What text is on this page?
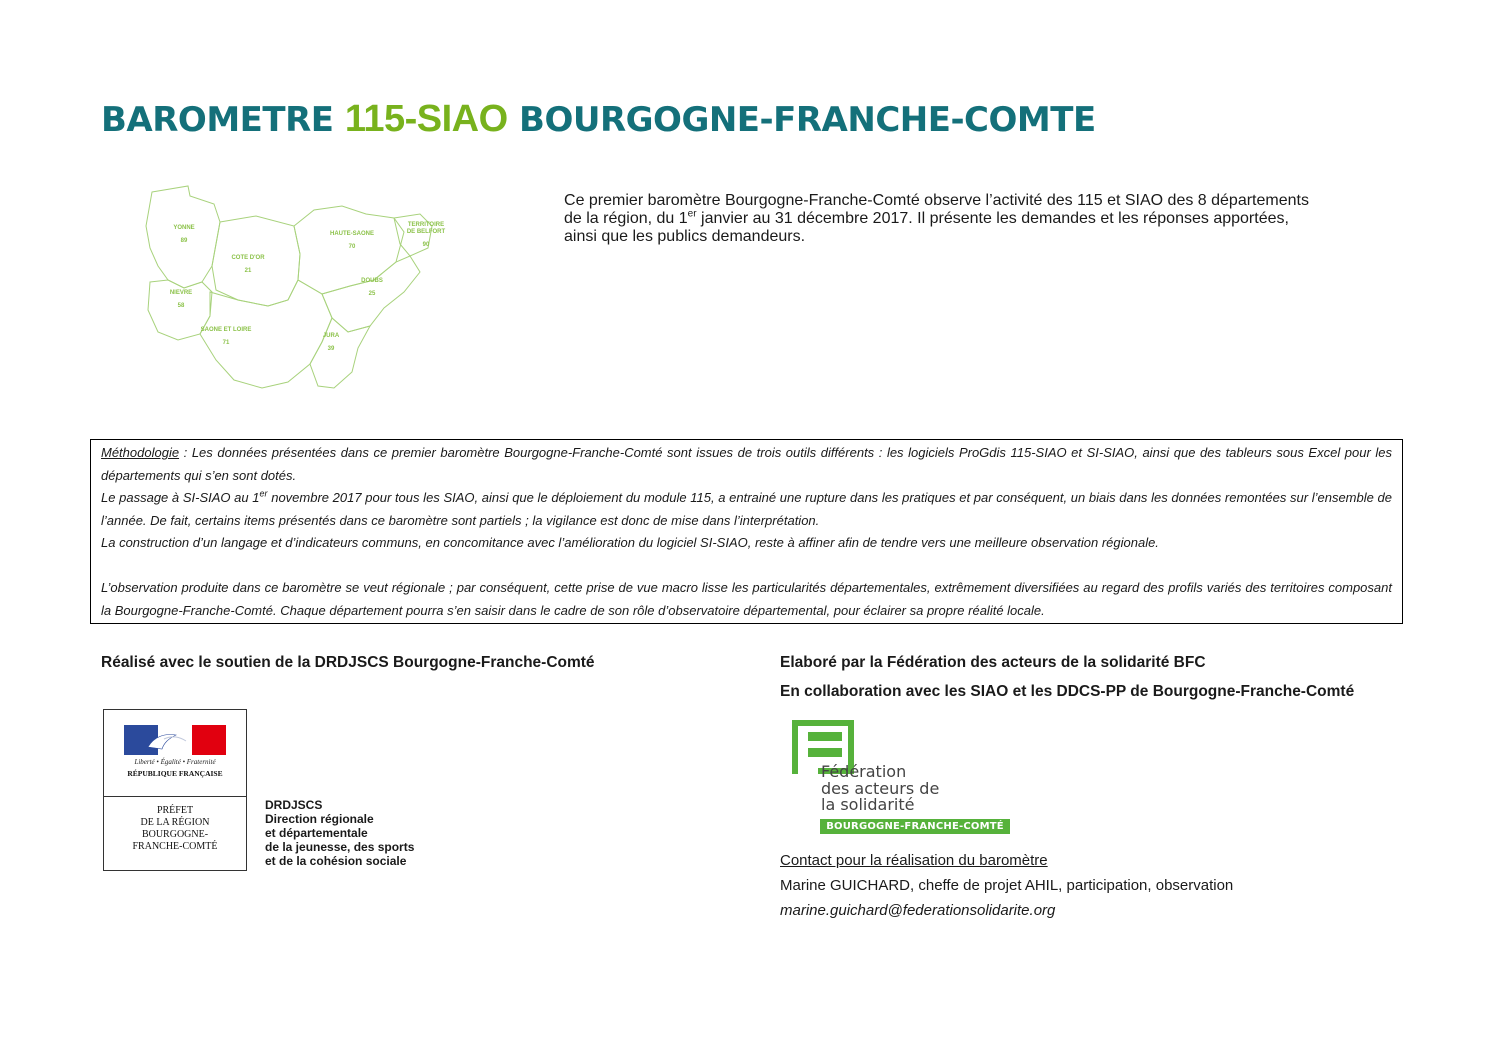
BAROMETRE 115-SIAO BOURGOGNE-FRANCHE-COMTE
YONNE
89
COTE D'OR
21
HAUTE-SAONE
70
TERRITOIRE
DE BELFORT
90
DOUBS
25
NIEVRE
58
SAONE ET LOIRE
71
JURA
39
Ce premier baromètre Bourgogne-Franche-Comté observe l’activité des 115 et SIAO des 8 départements
de la région, du 1er janvier au 31 décembre 2017. Il présente les demandes et les réponses apportées,
ainsi que les publics demandeurs.

Méthodologie : Les données présentées dans ce premier baromètre Bourgogne-Franche-Comté sont issues de trois outils différents : les logiciels ProGdis 115-SIAO et SI-SIAO, ainsi que des tableurs sous Excel pour les départements qui s’en sont dotés.

Le passage à SI-SIAO au 1er novembre 2017 pour tous les SIAO, ainsi que le déploiement du module 115, a entrainé une rupture dans les pratiques et par conséquent, un biais dans les données remontées sur l’ensemble de l’année. De fait, certains items présentés dans ce baromètre sont partiels ; la vigilance est donc de mise dans l’interprétation.

La construction d’un langage et d’indicateurs communs, en concomitance avec l’amélioration du logiciel SI-SIAO, reste à affiner afin de tendre vers une meilleure observation régionale.

L’observation produite dans ce baromètre se veut régionale ; par conséquent, cette prise de vue macro lisse les particularités départementales, extrêmement diversifiées au regard des profils variés des territoires composant la Bourgogne-Franche-Comté. Chaque département pourra s’en saisir dans le cadre de son rôle d’observatoire départemental, pour éclairer sa propre réalité locale.

Réalisé avec le soutien de la DRDJSCS Bourgogne-Franche-Comté	Elaboré par la Fédération des acteurs de la solidarité BFC
En collaboration avec les SIAO et les DDCS-PP de Bourgogne-Franche-Comté
Liberté • Égalité • Fraternité
RÉPUBLIQUE FRANÇAISE
PRÉFET
DE LA RÉGION
BOURGOGNE-
FRANCHE-COMTÉ
DRDJSCS
Direction régionale
et départementale
de la jeunesse, des sports
et de la cohésion sociale
Fédération
des acteurs de
la solidarité
BOURGOGNE-FRANCHE-COMTÉ
Contact pour la réalisation du baromètre
Marine GUICHARD, cheffe de projet AHIL, participation, observation
marine.guichard@federationsolidarite.org
